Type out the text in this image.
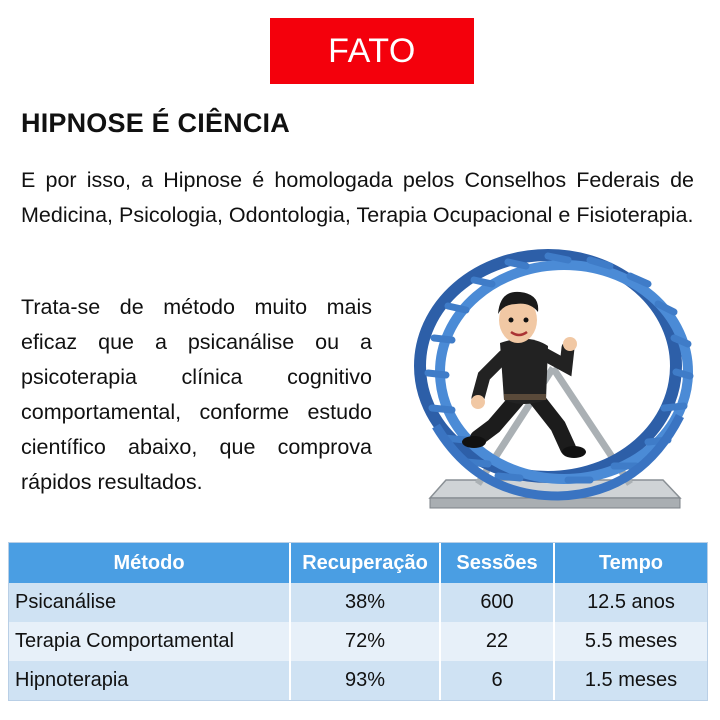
FATO
HIPNOSE É CIÊNCIA
E por isso, a Hipnose é homologada pelos Conselhos Federais de Medicina, Psicologia, Odontologia, Terapia Ocupacional e Fisioterapia.
Trata-se de método muito mais eficaz que a psicanálise ou a psicoterapia clínica cognitivo comportamental, conforme estudo científico abaixo, que comprova rápidos resultados.
Método	Recuperação	Sessões	Tempo
Psicanálise	38%	600	12.5 anos
Terapia Comportamental	72%	22	5.5 meses
Hipnoterapia	93%	6	1.5 meses
